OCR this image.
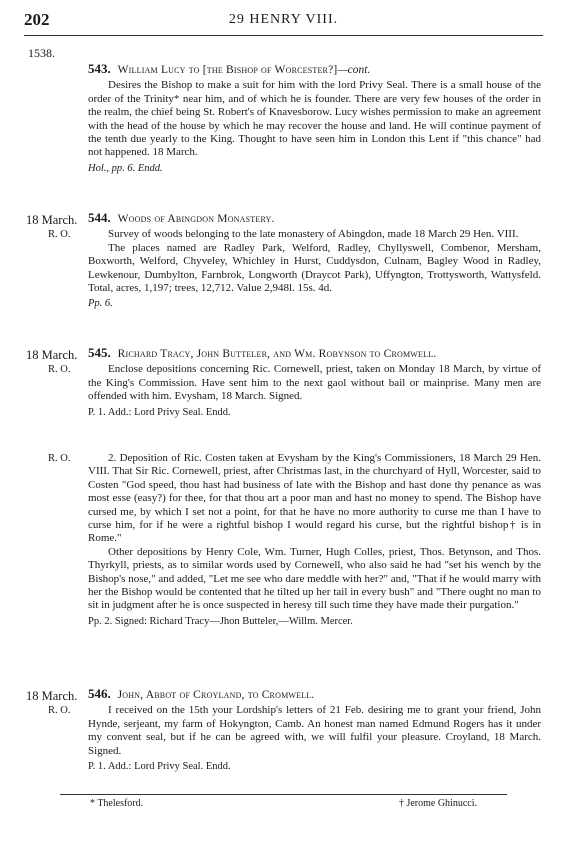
202	29 HENRY VIII.
1538.
543. William Lucy to [the Bishop of Worcester?]—cont.

Desires the Bishop to make a suit for him with the lord Privy Seal. There is a small house of the order of the Trinity* near him, and of which he is founder. There are very few houses of the order in the realm, the chief being St. Robert's of Knavesborow. Lucy wishes permission to make an agreement with the head of the house by which he may recover the house and land. He will continue payment of the tenth due yearly to the King. Thought to have seen him in London this Lent if "this chance" had not happened. 18 March.

Hol., pp. 6. Endd.

18 March.
R. O.
544. Woods of Abingdon Monastery.

Survey of woods belonging to the late monastery of Abingdon, made 18 March 29 Hen. VIII.

The places named are Radley Park, Welford, Radley, Chyllyswell, Combenor, Mersham, Boxworth, Welford, Chyveley, Whichley in Hurst, Cuddysdon, Culnam, Bagley Wood in Radley, Lewkenour, Dumbylton, Farnbrok, Longworth (Draycot Park), Uffyngton, Trottysworth, Wattysfeld. Total, acres, 1,197; trees, 12,712. Value 2,948l. 15s. 4d.

Pp. 6.

18 March.
R. O.
545. Richard Tracy, John Butteler, and Wm. Robynson to Cromwell.

Enclose depositions concerning Ric. Cornewell, priest, taken on Monday 18 March, by virtue of the King's Commission. Have sent him to the next gaol without bail or mainprise. Many men are offended with him. Evysham, 18 March. Signed.

P. 1. Add.: Lord Privy Seal. Endd.

R. O.	2. Deposition of Ric. Costen taken at Evysham by the King's Commissioners, 18 March 29 Hen. VIII. That Sir Ric. Cornewell, priest, after Christmas last, in the churchyard of Hyll, Worcester, said to Costen "God speed, thou hast had business of late with the Bishop and hast done thy penance as was most esse (easy?) for thee, for that thou art a poor man and hast no money to spend. The Bishop have cursed me, by which I set not a point, for that he have no more authority to curse me than I have to curse him, for if he were a rightful bishop I would regard his curse, but the rightful bishop† is in Rome."

Other depositions by Henry Cole, Wm. Turner, Hugh Colles, priest, Thos. Betynson, and Thos. Thyrkyll, priests, as to similar words used by Cornewell, who also said he had "set his wench by the Bishop's nose," and added, "Let me see who dare meddle with her?" and, "That if he would marry with her the Bishop would be contented that he tilted up her tail in every bush" and "There ought no man to sit in judgment after he is once suspected in heresy till such time they have made their purgation."

Pp. 2. Signed: Richard Tracy—Jhon Butteler,—Willm. Mercer.

18 March.
R. O.
546. John, Abbot of Croyland, to Cromwell.

I received on the 15th your Lordship's letters of 21 Feb. desiring me to grant your friend, John Hynde, serjeant, my farm of Hokyngton, Camb. An honest man named Edmund Rogers has it under my convent seal, but if he can be agreed with, we will fulfil your pleasure. Croyland, 18 March. Signed.

P. 1. Add.: Lord Privy Seal. Endd.

* Thelesford.	† Jerome Ghinucci.
